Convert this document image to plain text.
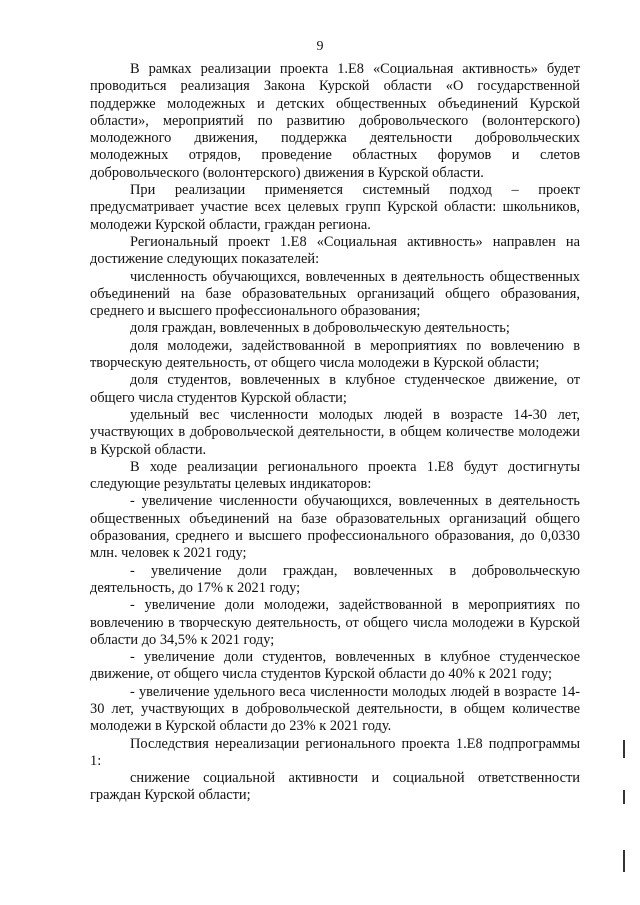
9

В рамках реализации проекта 1.Е8 «Социальная активность» будет проводиться реализация Закона Курской области «О государственной поддержке молодежных и детских общественных объединений Курской области», мероприятий по развитию добровольческого (волонтерского) молодежного движения, поддержка деятельности добровольческих молодежных отрядов, проведение областных форумов и слетов добровольческого (волонтерского) движения в Курской области.

При реализации применяется системный подход – проект предусматривает участие всех целевых групп Курской области: школьников, молодежи Курской области, граждан региона.

Региональный проект 1.Е8 «Социальная активность» направлен на достижение следующих показателей:

численность обучающихся, вовлеченных в деятельность общественных объединений на базе образовательных организаций общего образования, среднего и высшего профессионального образования;

доля граждан, вовлеченных в добровольческую деятельность;

доля молодежи, задействованной в мероприятиях по вовлечению в творческую деятельность, от общего числа молодежи в Курской области;

доля студентов, вовлеченных в клубное студенческое движение, от общего числа студентов Курской области;

удельный вес численности молодых людей в возрасте 14-30 лет, участвующих в добровольческой деятельности, в общем количестве молодежи в Курской области.

В ходе реализации регионального проекта 1.Е8 будут достигнуты следующие результаты целевых индикаторов:

- увеличение численности обучающихся, вовлеченных в деятельность общественных объединений на базе образовательных организаций общего образования, среднего и высшего профессионального образования, до 0,0330 млн. человек к 2021 году;

- увеличение доли граждан, вовлеченных в добровольческую деятельность, до 17% к 2021 году;

- увеличение доли молодежи, задействованной в мероприятиях по вовлечению в творческую деятельность, от общего числа молодежи в Курской области до 34,5% к 2021 году;

- увеличение доли студентов, вовлеченных в клубное студенческое движение, от общего числа студентов Курской области до 40% к 2021 году;

- увеличение удельного веса численности молодых людей в возрасте 14-30 лет, участвующих в добровольческой деятельности, в общем количестве молодежи в Курской области до 23% к 2021 году.

Последствия нереализации регионального проекта 1.Е8 подпрограммы 1:

снижение социальной активности и социальной ответственности граждан Курской области;
